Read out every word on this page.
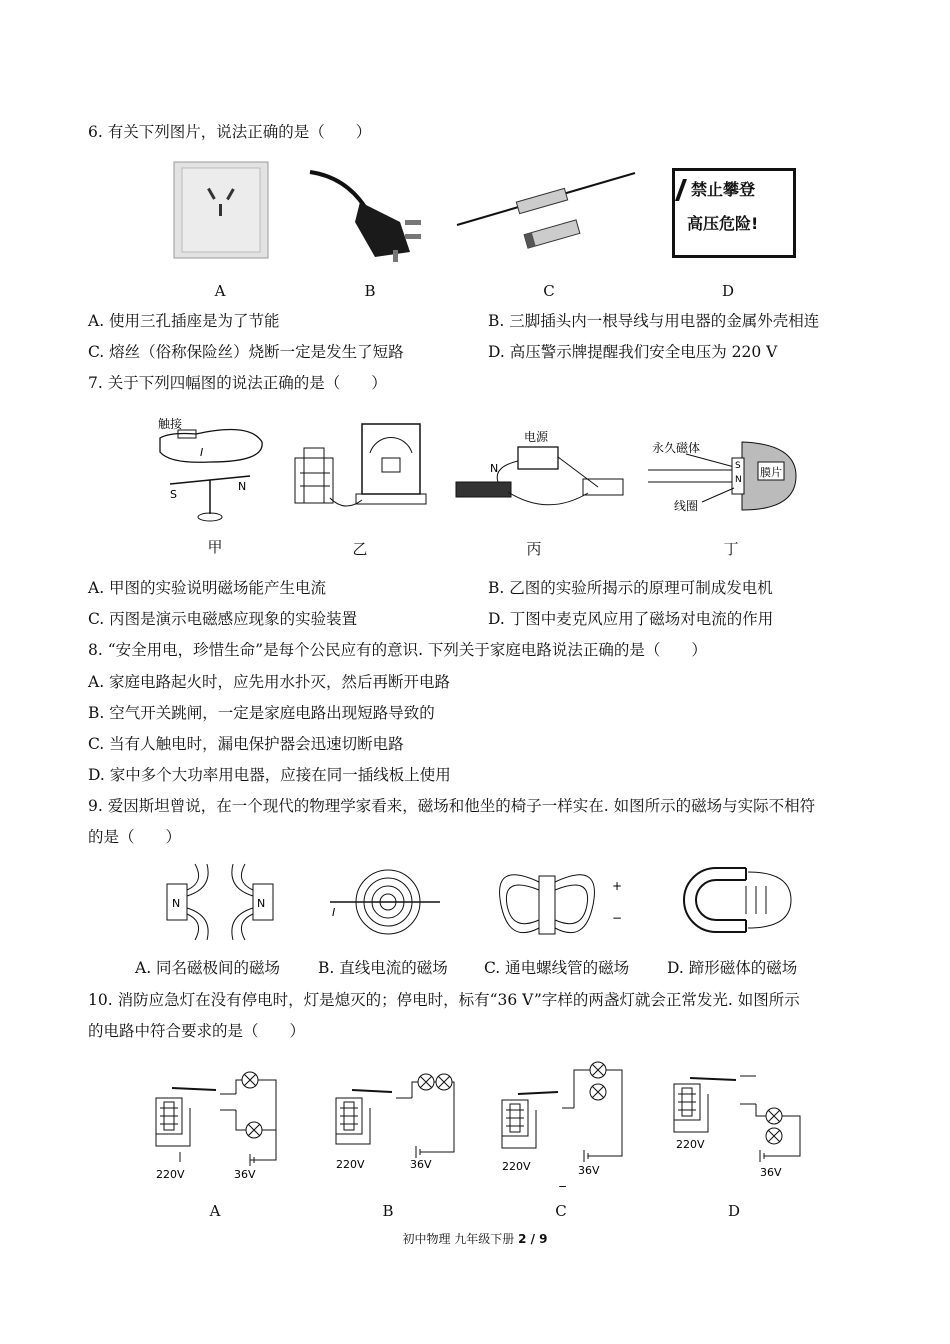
6. 有关下列图片，说法正确的是（　　）
禁止攀登
高压危险!
A	B	C	D
A. 使用三孔插座是为了节能	B. 三脚插头内一根导线与用电器的金属外壳相连
C. 熔丝（俗称保险丝）烧断一定是发生了短路	D. 高压警示牌提醒我们安全电压为 220 V
7. 关于下列四幅图的说法正确的是（　　）
触接
I
S
N
电源
N
永久磁体
S
N
膜片
线圈
甲	乙	丙	丁
A. 甲图的实验说明磁场能产生电流	B. 乙图的实验所揭示的原理可制成发电机
C. 丙图是演示电磁感应现象的实验装置	D. 丁图中麦克风应用了磁场对电流的作用
8. “安全用电，珍惜生命”是每个公民应有的意识. 下列关于家庭电路说法正确的是（　　）
A. 家庭电路起火时，应先用水扑灭，然后再断开电路
B. 空气开关跳闸，一定是家庭电路出现短路导致的
C. 当有人触电时，漏电保护器会迅速切断电路
D. 家中多个大功率用电器，应接在同一插线板上使用
9. 爱因斯坦曾说，在一个现代的物理学家看来，磁场和他坐的椅子一样实在. 如图所示的磁场与实际不相符
的是（　　）
N	N
I
+
−
A. 同名磁极间的磁场 B. 直线电流的磁场 C. 通电螺线管的磁场 D. 蹄形磁体的磁场
10. 消防应急灯在没有停电时，灯是熄灭的；停电时，标有“36 V”字样的两盏灯就会正常发光. 如图所示
的电路中符合要求的是（　　）
220V	36V
220V	36V	220V	36V
−
220V
36V
A	B	C	D
初中物理 九年级下册 2 / 9
